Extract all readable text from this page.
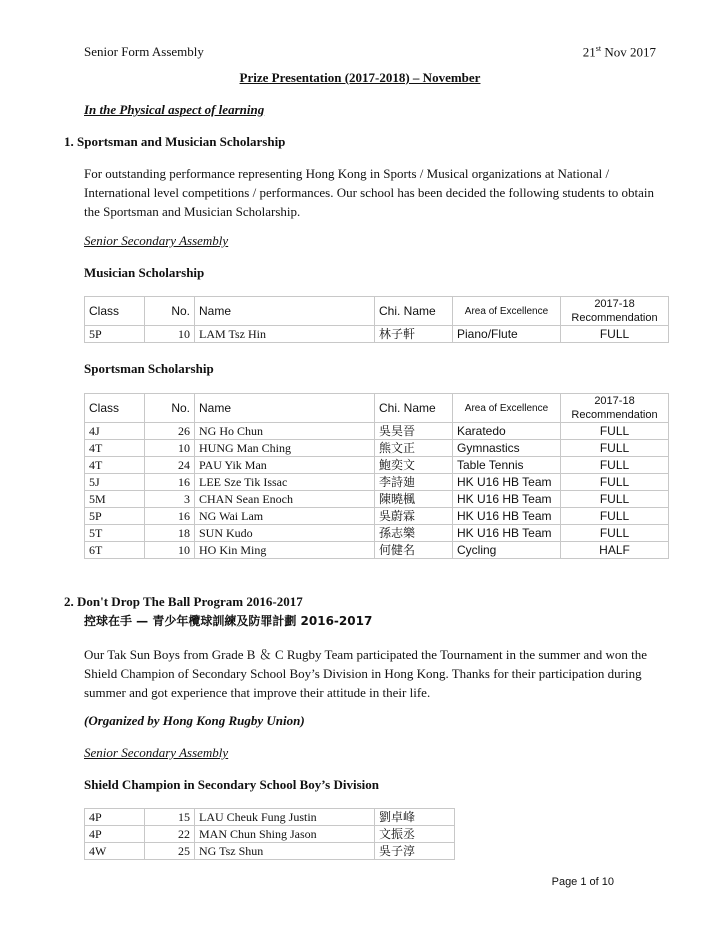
Senior Form Assembly	21st Nov 2017
Prize Presentation (2017-2018) – November
In the Physical aspect of learning
1. Sportsman and Musician Scholarship
For outstanding performance representing Hong Kong in Sports / Musical organizations at National / International level competitions / performances. Our school has been decided the following students to obtain the Sportsman and Musician Scholarship.
Senior Secondary Assembly
Musician Scholarship
Class	No.	Name	Chi. Name	Area of Excellence	2017-18
Recommendation

5P	10	LAM Tsz Hin	林子軒	Piano/Flute	FULL
Sportsman Scholarship
Class	No.	Name	Chi. Name	Area of Excellence	2017-18
Recommendation

4J	26	NG Ho Chun	吳昊晉	Karatedo	FULL
4T	10	HUNG Man Ching	熊文正	Gymnastics	FULL
4T	24	PAU Yik Man	鮑奕文	Table Tennis	FULL
5J	16	LEE Sze Tik Issac	李詩廸	HK U16 HB Team	FULL
5M	3	CHAN Sean Enoch	陳曉楓	HK U16 HB Team	FULL
5P	16	NG Wai Lam	吳蔚霖	HK U16 HB Team	FULL
5T	18	SUN Kudo	孫志樂	HK U16 HB Team	FULL
6T	10	HO Kin Ming	何健名	Cycling	HALF
2. Don't Drop The Ball Program 2016-2017
控球在手 — 青少年欖球訓練及防罪計劃 2016-2017
Our Tak Sun Boys from Grade B ＆ C Rugby Team participated the Tournament in the summer and won the Shield Champion of Secondary School Boy’s Division in Hong Kong. Thanks for their participation during summer and got experience that improve their attitude in their life.
(Organized by Hong Kong Rugby Union)
Senior Secondary Assembly
Shield Champion in Secondary School Boy’s Division
4P	15	LAU Cheuk Fung Justin	劉卓峰
4P	22	MAN Chun Shing Jason	文振丞
4W	25	NG Tsz Shun	吳子淳
Page 1 of 10
